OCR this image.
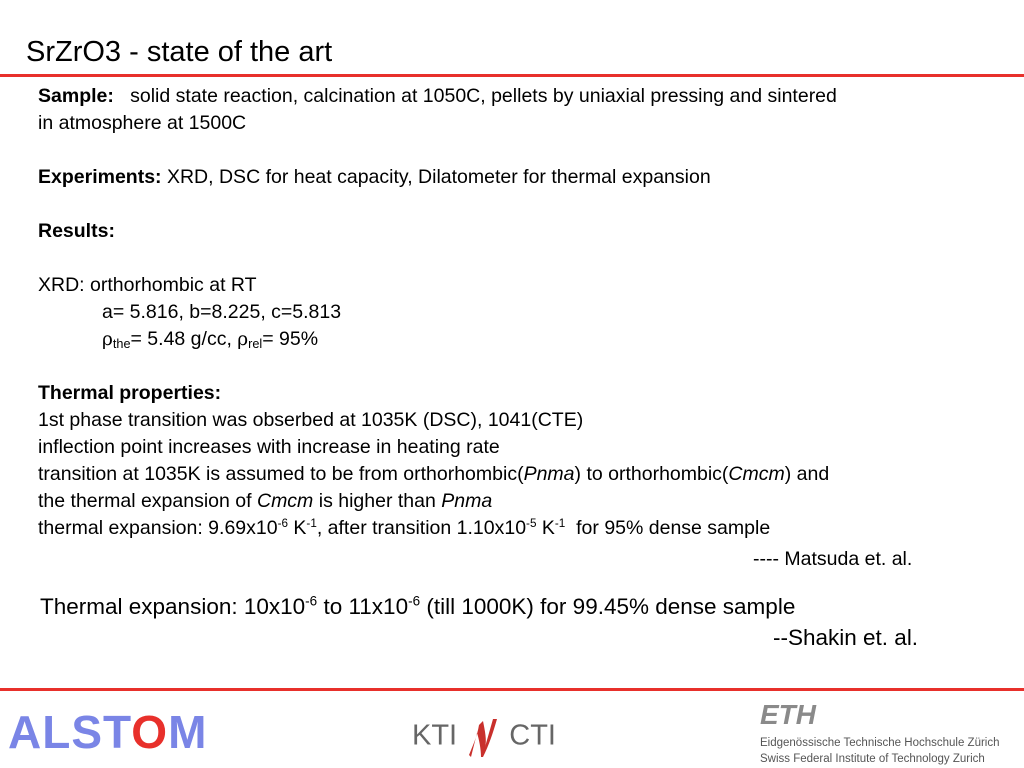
SrZrO3 - state of the art
Sample: solid state reaction, calcination at 1050C, pellets by uniaxial pressing and sintered
in atmosphere at 1500C
Experiments: XRD, DSC for heat capacity, Dilatometer for thermal expansion
Results:
XRD: orthorhombic at RT
a= 5.816, b=8.225, c=5.813
$\rho_{the}= 5.48$ g/cc, $\rho_{rel}= 95\%$
Thermal properties:
1st phase transition was obserbed at 1035K (DSC), 1041(CTE)
inflection point increases with increase in heating rate
transition at 1035K is assumed to be from orthorhombic(Pnma) to orthorhombic(Cmcm) and
the thermal expansion of Cmcm is higher than Pnma
thermal expansion: $9.69x10^{-6}$ $K^{-1}$, after transition $1.10x10^{-5}$ $K^{-1}$ for 95% dense sample
---- Matsuda et. al.
Thermal expansion: $10x10^{-6}$ to $11x10^{-6}$ (till 1000K) for 99.45% dense sample
--Shakin et. al.
ALSTOM	KTI CTI
ETH
Eidgenössische Technische Hochschule Zürich
Swiss Federal Institute of Technology Zurich
